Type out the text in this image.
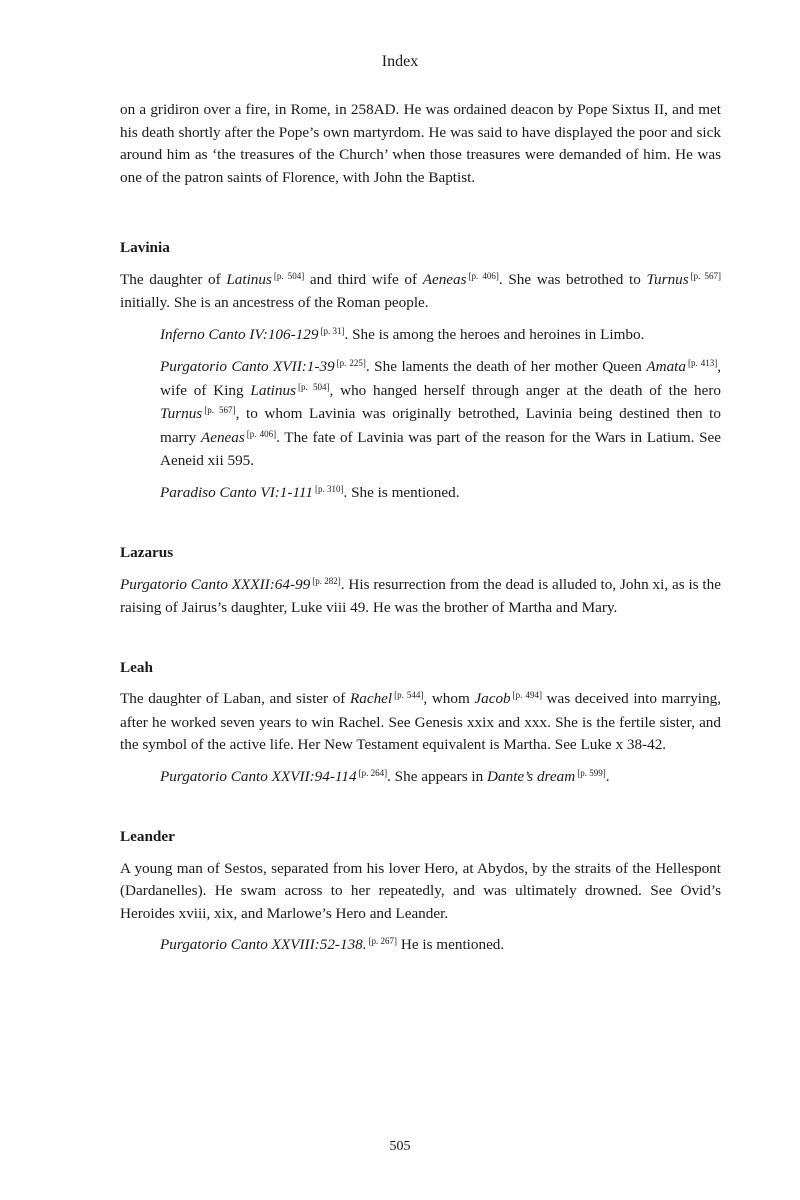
Index

on a gridiron over a fire, in Rome, in 258AD. He was ordained deacon by Pope Sixtus II, and met his death shortly after the Pope’s own martyrdom. He was said to have displayed the poor and sick around him as ‘the treasures of the Church’ when those treasures were demanded of him. He was one of the patron saints of Florence, with John the Baptist.

Lavinia

The daughter of Latinus [p. 504] and third wife of Aeneas [p. 406]. She was betrothed to Turnus [p. 567] initially. She is an ancestress of the Roman people.

Inferno Canto IV:106-129 [p. 31]. She is among the heroes and heroines in Limbo.

Purgatorio Canto XVII:1-39 [p. 225]. She laments the death of her mother Queen Amata [p. 413], wife of King Latinus [p. 504], who hanged herself through anger at the death of the hero Turnus [p. 567], to whom Lavinia was originally betrothed, Lavinia being destined then to marry Aeneas [p. 406]. The fate of Lavinia was part of the reason for the Wars in Latium. See Aeneid xii 595.

Paradiso Canto VI:1-111 [p. 310]. She is mentioned.

Lazarus

Purgatorio Canto XXXII:64-99 [p. 282]. His resurrection from the dead is alluded to, John xi, as is the raising of Jairus’s daughter, Luke viii 49. He was the brother of Martha and Mary.

Leah

The daughter of Laban, and sister of Rachel [p. 544], whom Jacob [p. 494] was deceived into marrying, after he worked seven years to win Rachel. See Genesis xxix and xxx. She is the fertile sister, and the symbol of the active life. Her New Testament equivalent is Martha. See Luke x 38-42.

Purgatorio Canto XXVII:94-114 [p. 264]. She appears in Dante’s dream [p. 599].

Leander

A young man of Sestos, separated from his lover Hero, at Abydos, by the straits of the Hellespont (Dardanelles). He swam across to her repeatedly, and was ultimately drowned. See Ovid’s Heroides xviii, xix, and Marlowe’s Hero and Leander.

Purgatorio Canto XXVIII:52-138. [p. 267] He is mentioned.

505
